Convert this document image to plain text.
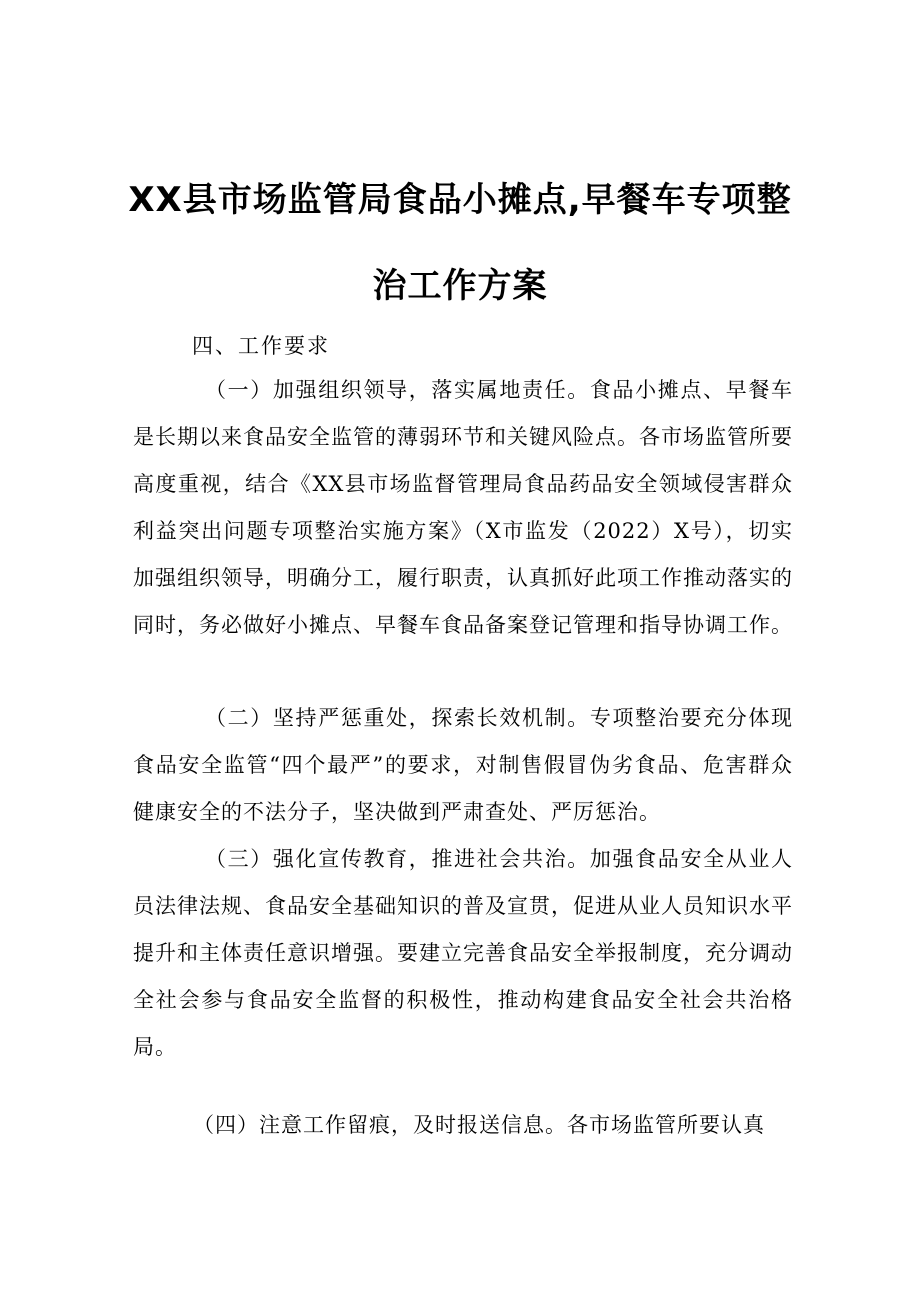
XX县市场监管局食品小摊点,早餐车专项整
治工作方案
四、工作要求

（一）加强组织领导，落实属地责任。食品小摊点、早餐车是长期以来食品安全监管的薄弱环节和关键风险点。各市场监管所要高度重视，结合《XX县市场监督管理局食品药品安全领域侵害群众利益突出问题专项整治实施方案》（X市监发（2022）X号），切实加强组织领导，明确分工，履行职责，认真抓好此项工作推动落实的同时，务必做好小摊点、早餐车食品备案登记管理和指导协调工作。

（二）坚持严惩重处，探索长效机制。专项整治要充分体现食品安全监管“四个最严”的要求，对制售假冒伪劣食品、危害群众健康安全的不法分子，坚决做到严肃查处、严厉惩治。

（三）强化宣传教育，推进社会共治。加强食品安全从业人员法律法规、食品安全基础知识的普及宣贯，促进从业人员知识水平提升和主体责任意识增强。要建立完善食品安全举报制度，充分调动全社会参与食品安全监督的积极性，推动构建食品安全社会共治格局。

（四）注意工作留痕，及时报送信息。各市场监管所要认真
